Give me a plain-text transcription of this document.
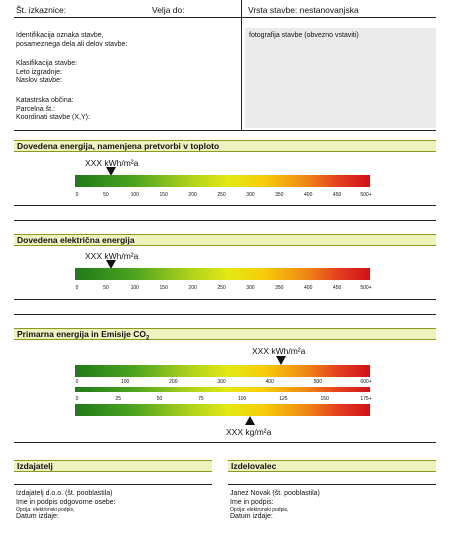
Št. izkaznice:	Velja do:	Vrsta stavbe: nestanovanjska
Identifikacija oznaka stavbe,
posameznega dela ali delov stavbe:
Klasifikacija stavbe:
Leto izgradnje:
Naslov stavbe:
Katastrska občina:
Parcelna št.:
Koordinati stavbe (X,Y):
fotografija stavbe (obvezno vstaviti)
Dovedena energija, namenjena pretvorbi v toploto
XXX kWh/m²a
0	50	100	150	200	250	300	350	400	450	500+
Dovedena električna energija
XXX kWh/m²a
0	50	100	150	200	250	300	350	400	450	500+
Primarna energija in Emisije $CO_2$
XXX kWh/m²a
0	100	200	300	400	500	600+
0	25	50	75	100	125	150	175+
XXX kg/m²a
Izdajatelj	Izdelovalec
Izdajatelj d.o.o. (št. pooblastila)
Ime in podpis odgovorne osebe:
Opcija: elektronski podpis,
Datum izdaje:
Janez Novak (št. pooblastila)
Ime in podpis:
Opcija: elektronski podpis,
Datum izdaje:
